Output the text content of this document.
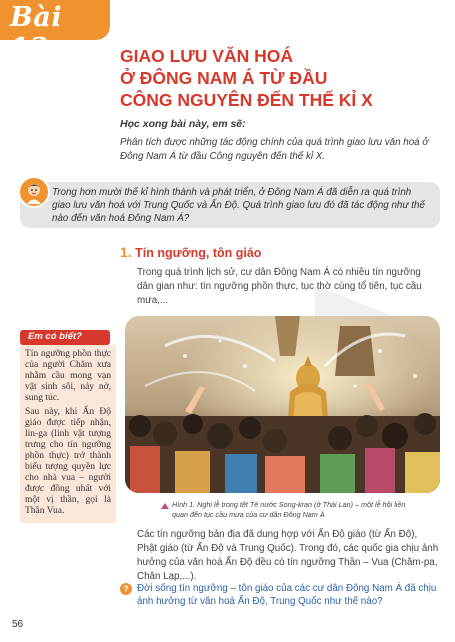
Bài 13	GIAO LƯU VĂN HOÁ
Ở ĐÔNG NAM Á TỪ ĐẦU
CÔNG NGUYÊN ĐẾN THẾ KỈ X
Học xong bài này, em sẽ:
Phân tích được những tác động chính của quá trình giao lưu văn hoá ở Đông Nam Á từ đầu Công nguyên đến thế kỉ X.
Trong hơn mười thế kỉ hình thành và phát triển, ở Đông Nam Á đã diễn ra quá trình giao lưu văn hoá với Trung Quốc và Ấn Độ. Quá trình giao lưu đó đã tác động như thế nào đến văn hoá Đông Nam Á?
1. Tín ngưỡng, tôn giáo
Trong quá trình lịch sử, cư dân Đông Nam Á có nhiều tín ngưỡng dân gian như: tín ngưỡng phồn thực, tục thờ cúng tổ tiên, tục cầu mưa,...
Em có biết?

Tín ngưỡng phồn thực của người Chăm xưa nhằm cầu mong vạn vật sinh sôi, nảy nở, sung túc.

Sau này, khi Ấn Độ giáo được tiếp nhận, lin-ga (linh vật tượng trưng cho tín ngưỡng phồn thực) trở thành biểu tượng quyền lực cho nhà vua – người được đồng nhất với một vị thần, gọi là Thần Vua.

Hình 1. Nghi lễ trong tết Té nước Song-kran (ở Thái Lan) – một lễ hội liên quan đến tục cầu mưa của cư dân Đông Nam Á
Các tín ngưỡng bản địa đã dung hợp với Ấn Độ giáo (từ Ấn Độ), Phật giáo (từ Ấn Độ và Trung Quốc). Trong đó, các quốc gia chịu ảnh hưởng của văn hoá Ấn Độ đều có tín ngưỡng Thần – Vua (Chăm-pa, Chân Lạp,...).
? Đời sống tín ngưỡng – tôn giáo của các cư dân Đông Nam Á đã chịu ảnh hưởng từ văn hoá Ấn Độ, Trung Quốc như thế nào?
56
